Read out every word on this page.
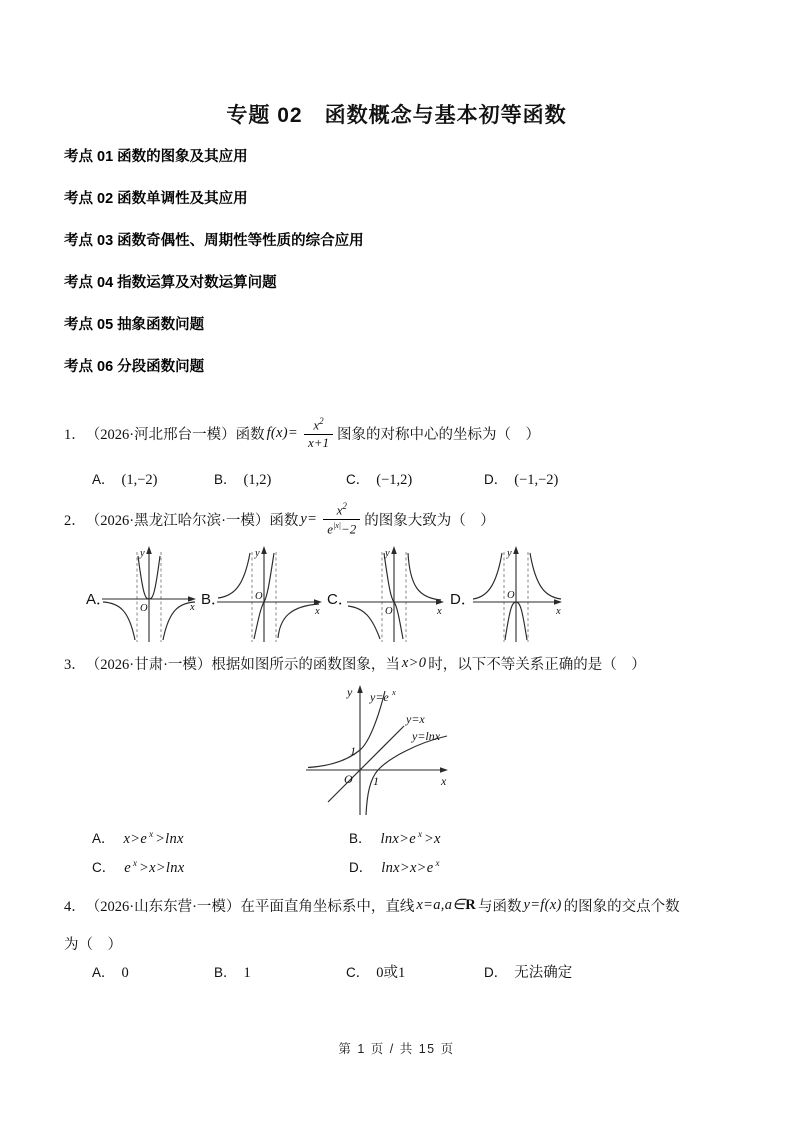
专题 02　函数概念与基本初等函数
考点 01 函数的图象及其应用
考点 02 函数单调性及其应用
考点 03 函数奇偶性、周期性等性质的综合应用
考点 04 指数运算及对数运算问题
考点 05 抽象函数问题
考点 06 分段函数问题
1． （2026·河北邢台一模）函数 $f(x)= \frac{x^2}{x+1}$ 图象的对称中心的坐标为（　）
A． (1,−2)	B． (1,2)	C． (−1,2)	D． (−1,−2)
2． （2026·黑龙江哈尔滨·一模）函数 $y= \frac{x^2}{e^{|x|}-2}$ 的图象大致为（　）
A．
y
x
O
B．
y
x
O	C．
y
x
O
D．
y
x
O
3． （2026·甘肃·一模）根据如图所示的函数图象，当 x>0 时，以下不等关系正确的是（　）
y
x
O
y=e x
y=x
y=lnx
1
1
A． x>e $^x$ >lnx	B． lnx>e $^x$ >x
C． e $^x$ >x>lnx	D． lnx>x>e $^x$
4． （2026·山东东营·一模）在平面直角坐标系中，直线 x=a,a∈R 与函数 y=f(x) 的图象的交点个数
为（　）
A． 0	B． 1	C． 0或1	D． 无法确定
第 1 页 / 共 15 页
